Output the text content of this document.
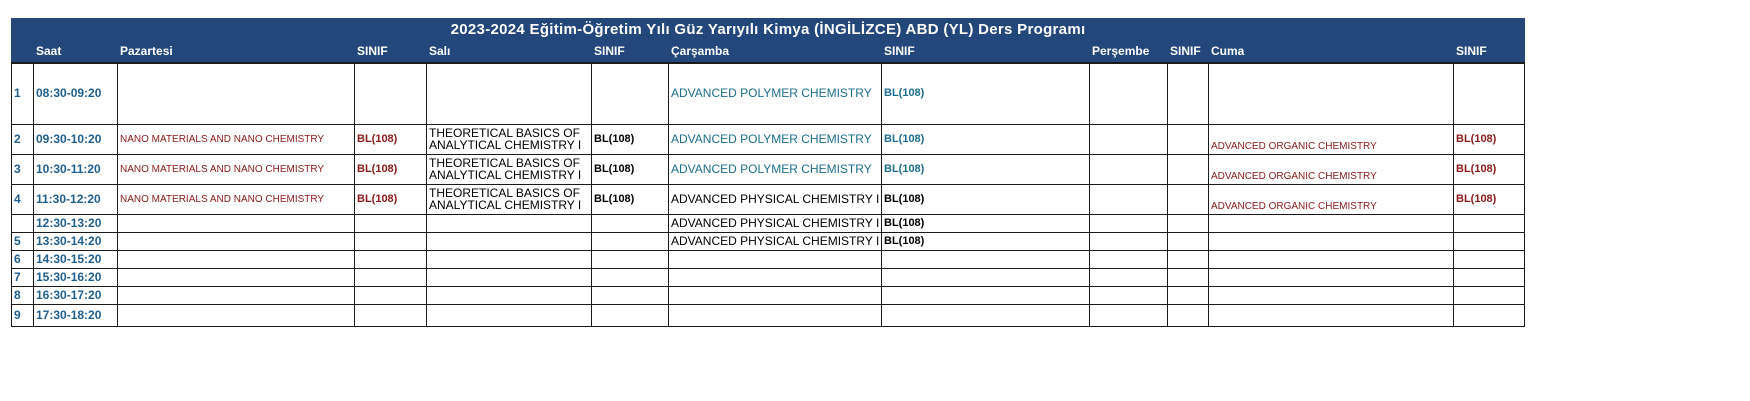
2023-2024 Eğitim-Öğretim Yılı Güz Yarıyılı Kimya (İNGİLİZCE) ABD (YL) Ders Programı											
	Saat	Pazartesi	SINIF	Salı	SINIF	Çarşamba	SINIF	Perşembe	SINIF	Cuma	SINIF
1	08:30-09:20					ADVANCED POLYMER CHEMISTRY	BL(108)				
2	09:30-10:20	NANO MATERIALS AND NANO CHEMISTRY	BL(108)	THEORETICAL BASICS OF ANALYTICAL CHEMISTRY I	BL(108)	ADVANCED POLYMER CHEMISTRY	BL(108)			ADVANCED ORGANIC CHEMISTRY	BL(108)
3	10:30-11:20	NANO MATERIALS AND NANO CHEMISTRY	BL(108)	THEORETICAL BASICS OF ANALYTICAL CHEMISTRY I	BL(108)	ADVANCED POLYMER CHEMISTRY	BL(108)			ADVANCED ORGANIC CHEMISTRY	BL(108)
4	11:30-12:20	NANO MATERIALS AND NANO CHEMISTRY	BL(108)	THEORETICAL BASICS OF ANALYTICAL CHEMISTRY I	BL(108)	ADVANCED PHYSICAL CHEMISTRY I	BL(108)			ADVANCED ORGANIC CHEMISTRY	BL(108)
	12:30-13:20					ADVANCED PHYSICAL CHEMISTRY I	BL(108)				
5	13:30-14:20					ADVANCED PHYSICAL CHEMISTRY I	BL(108)				
6	14:30-15:20										
7	15:30-16:20										
8	16:30-17:20										
9	17:30-18:20										
